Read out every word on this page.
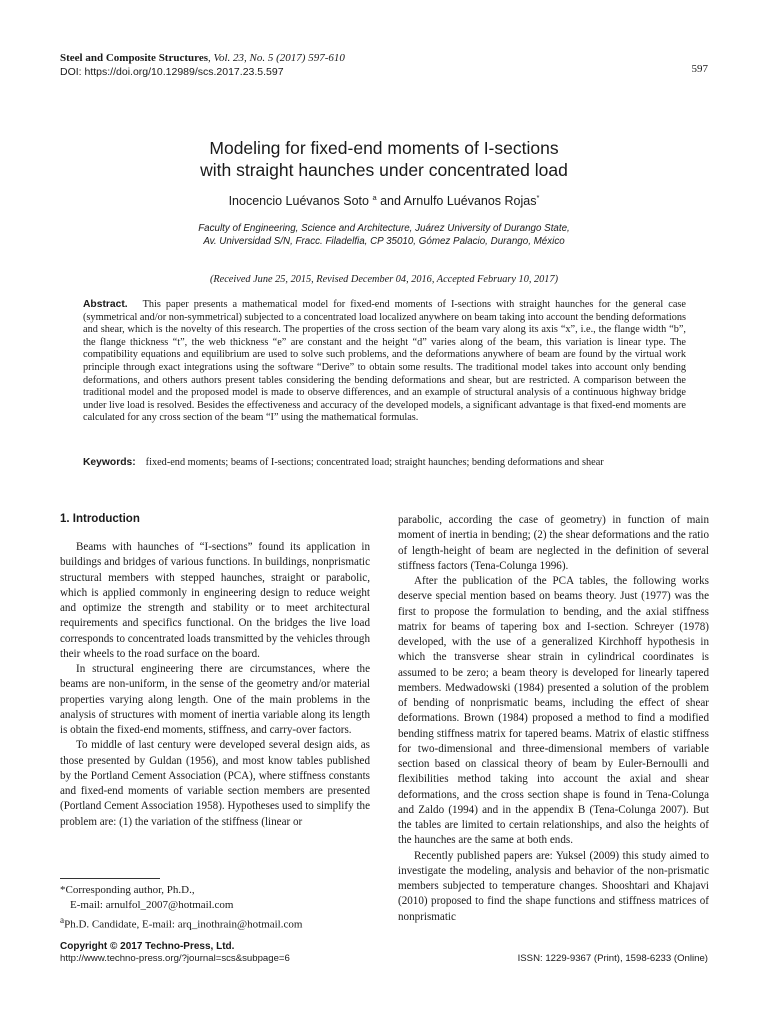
Steel and Composite Structures, Vol. 23, No. 5 (2017) 597-610
DOI: https://doi.org/10.12989/scs.2017.23.5.597	597
Modeling for fixed-end moments of I-sections
with straight haunches under concentrated load
Inocencio Luévanos Soto $^a$ and Arnulfo Luévanos Rojas*
Faculty of Engineering, Science and Architecture, Juárez University of Durango State,
Av. Universidad S/N, Fracc. Filadelfia, CP 35010, Gómez Palacio, Durango, México
(Received June 25, 2015, Revised December 04, 2016, Accepted February 10, 2017)
Abstract. This paper presents a mathematical model for fixed-end moments of I-sections with straight haunches for the general case (symmetrical and/or non-symmetrical) subjected to a concentrated load localized anywhere on beam taking into account the bending deformations and shear, which is the novelty of this research. The properties of the cross section of the beam vary along its axis “x”, i.e., the flange width “b”, the flange thickness “t”, the web thickness “e” are constant and the height “d” varies along of the beam, this variation is linear type. The compatibility equations and equilibrium are used to solve such problems, and the deformations anywhere of beam are found by the virtual work principle through exact integrations using the software “Derive” to obtain some results. The traditional model takes into account only bending deformations, and others authors present tables considering the bending deformations and shear, but are restricted. A comparison between the traditional model and the proposed model is made to observe differences, and an example of structural analysis of a continuous highway bridge under live load is resolved. Besides the effectiveness and accuracy of the developed models, a significant advantage is that fixed-end moments are calculated for any cross section of the beam “I” using the mathematical formulas.
Keywords: fixed-end moments; beams of I-sections; concentrated load; straight haunches; bending deformations and shear
1. Introduction

Beams with haunches of “I-sections” found its application in buildings and bridges of various functions. In buildings, nonprismatic structural members with stepped haunches, straight or parabolic, which is applied commonly in engineering design to reduce weight and optimize the strength and stability or to meet architectural requirements and specifics functional. On the bridges the live load corresponds to concentrated loads transmitted by the vehicles through their wheels to the road surface on the board.

In structural engineering there are circumstances, where the beams are non-uniform, in the sense of the geometry and/or material properties varying along length. One of the main problems in the analysis of structures with moment of inertia variable along its length is obtain the fixed-end moments, stiffness, and carry-over factors.

To middle of last century were developed several design aids, as those presented by Guldan (1956), and most know tables published by the Portland Cement Association (PCA), where stiffness constants and fixed-end moments of variable section members are presented (Portland Cement Association 1958). Hypotheses used to simplify the problem are: (1) the variation of the stiffness (linear or

parabolic, according the case of geometry) in function of main moment of inertia in bending; (2) the shear deformations and the ratio of length-height of beam are neglected in the definition of several stiffness factors (Tena-Colunga 1996).

After the publication of the PCA tables, the following works deserve special mention based on beams theory. Just (1977) was the first to propose the formulation to bending, and the axial stiffness matrix for beams of tapering box and I-section. Schreyer (1978) developed, with the use of a generalized Kirchhoff hypothesis in which the transverse shear strain in cylindrical coordinates is assumed to be zero; a beam theory is developed for linearly tapered members. Medwadowski (1984) presented a solution of the problem of bending of nonprismatic beams, including the effect of shear deformations. Brown (1984) proposed a method to find a modified bending stiffness matrix for tapered beams. Matrix of elastic stiffness for two-dimensional and three-dimensional members of variable section based on classical theory of beam by Euler-Bernoulli and flexibilities method taking into account the axial and shear deformations, and the cross section shape is found in Tena-Colunga and Zaldo (1994) and in the appendix B (Tena-Colunga 2007). But the tables are limited to certain relationships, and also the heights of the haunches are the same at both ends.

Recently published papers are: Yuksel (2009) this study aimed to investigate the modeling, analysis and behavior of the non-prismatic members subjected to temperature changes. Shooshtari and Khajavi (2010) proposed to find the shape functions and stiffness matrices of nonprismatic

*Corresponding author, Ph.D.,
E-mail: arnulfol_2007@hotmail.com
$^a$Ph.D. Candidate, E-mail: arq_inothrain@hotmail.com
Copyright © 2017 Techno-Press, Ltd.
http://www.techno-press.org/?journal=scs&subpage=6	ISSN: 1229-9367 (Print), 1598-6233 (Online)
